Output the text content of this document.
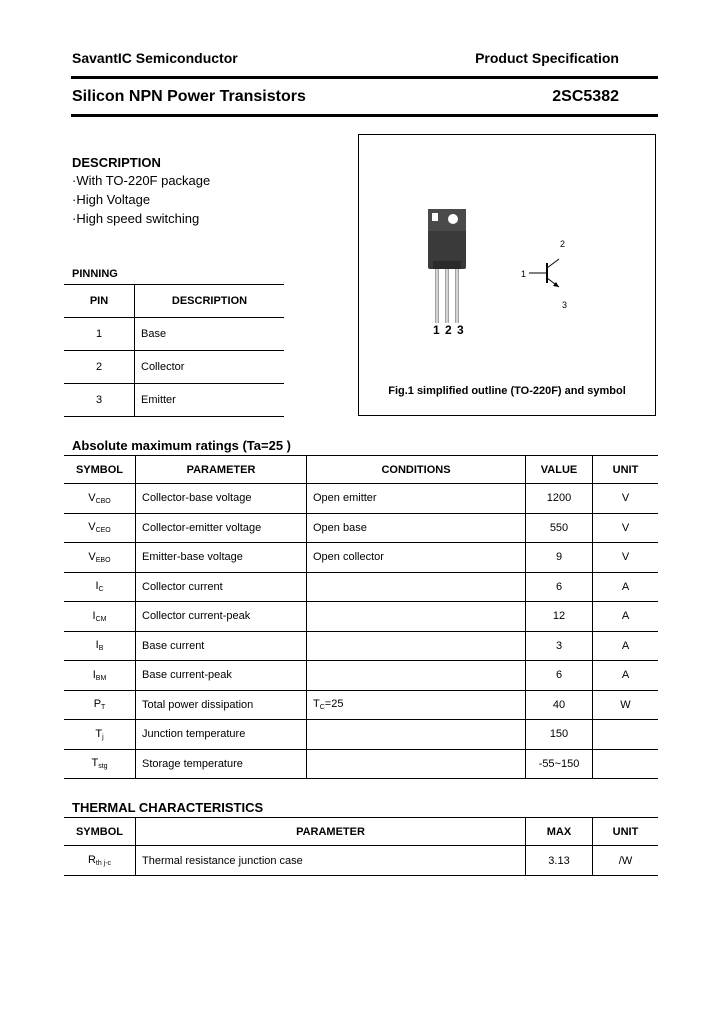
SavantIC Semiconductor	Product Specification
Silicon NPN Power Transistors	2SC5382
DESCRIPTION
·With TO-220F package
·High Voltage
·High speed switching
PINNING
PIN	DESCRIPTION
1	Base
2	Collector
3	Emitter
1 2 3
2
1
3
Fig.1 simplified outline (TO-220F) and symbol
Absolute maximum ratings (Ta=25 )
SYMBOL	PARAMETER	CONDITIONS	VALUE	UNIT
$V_{CBO}$	Collector-base voltage	Open emitter	1200	V
$V_{CEO}$	Collector-emitter voltage	Open base	550	V
$V_{EBO}$	Emitter-base voltage	Open collector	9	V
$I_C$	Collector current		6	A
$I_{CM}$	Collector current-peak		12	A
$I_B$	Base current		3	A
$I_{BM}$	Base current-peak		6	A
$P_T$	Total power dissipation	$T_C=25$	40	W
$T_j$	Junction temperature		150	
$T_{stg}$	Storage temperature		-55~150	
THERMAL CHARACTERISTICS
SYMBOL	PARAMETER	MAX	UNIT
$R_{th j-c}$	Thermal resistance junction case	3.13	/W
